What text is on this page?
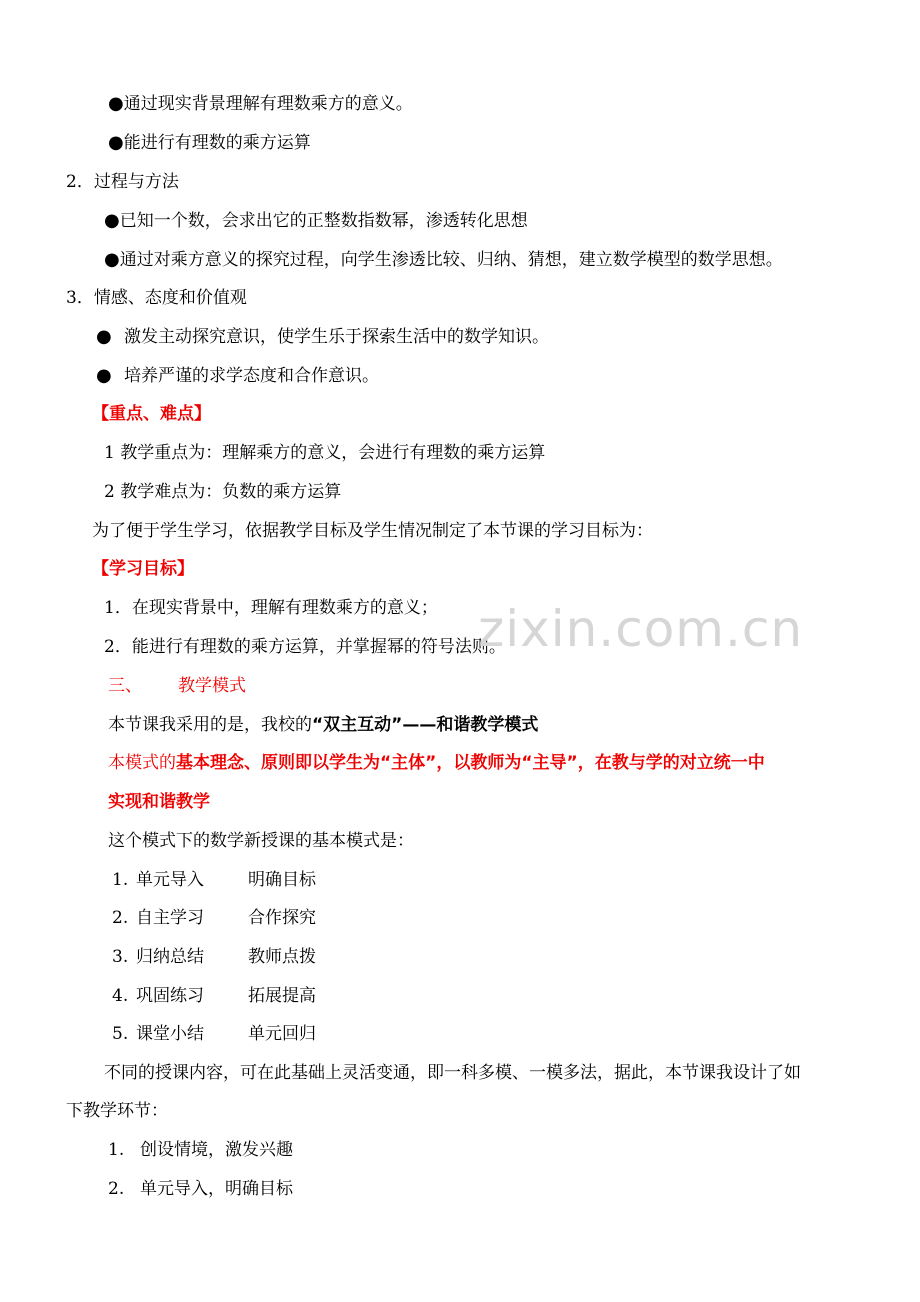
●通过现实背景理解有理数乘方的意义。
●能进行有理数的乘方运算
2．过程与方法
●已知一个数，会求出它的正整数指数幂，渗透转化思想
●通过对乘方意义的探究过程，向学生渗透比较、归纳、猜想，建立数学模型的数学思想。
3．情感、态度和价值观
● 激发主动探究意识，使学生乐于探索生活中的数学知识。
● 培养严谨的求学态度和合作意识。
【重点、难点】
1 教学重点为：理解乘方的意义，会进行有理数的乘方运算
2 教学难点为：负数的乘方运算
为了便于学生学习，依据教学目标及学生情况制定了本节课的学习目标为：
【学习目标】
1．在现实背景中，理解有理数乘方的意义；
2．能进行有理数的乘方运算，并掌握幂的符号法则。
zixin.com.cn
三、 教学模式
本节课我采用的是，我校的“双主互动”——和谐教学模式
本模式的基本理念、原则即以学生为“主体”，以教师为“主导”，在教与学的对立统一中
实现和谐教学
这个模式下的数学新授课的基本模式是：
1. 单元导入	明确目标
2. 自主学习	合作探究
3. 归纳总结	教师点拨
4. 巩固练习	拓展提高
5. 课堂小结	单元回归
不同的授课内容，可在此基础上灵活变通，即一科多模、一模多法，据此，本节课我设计了如
下教学环节：
1. 创设情境，激发兴趣
2. 单元导入，明确目标
